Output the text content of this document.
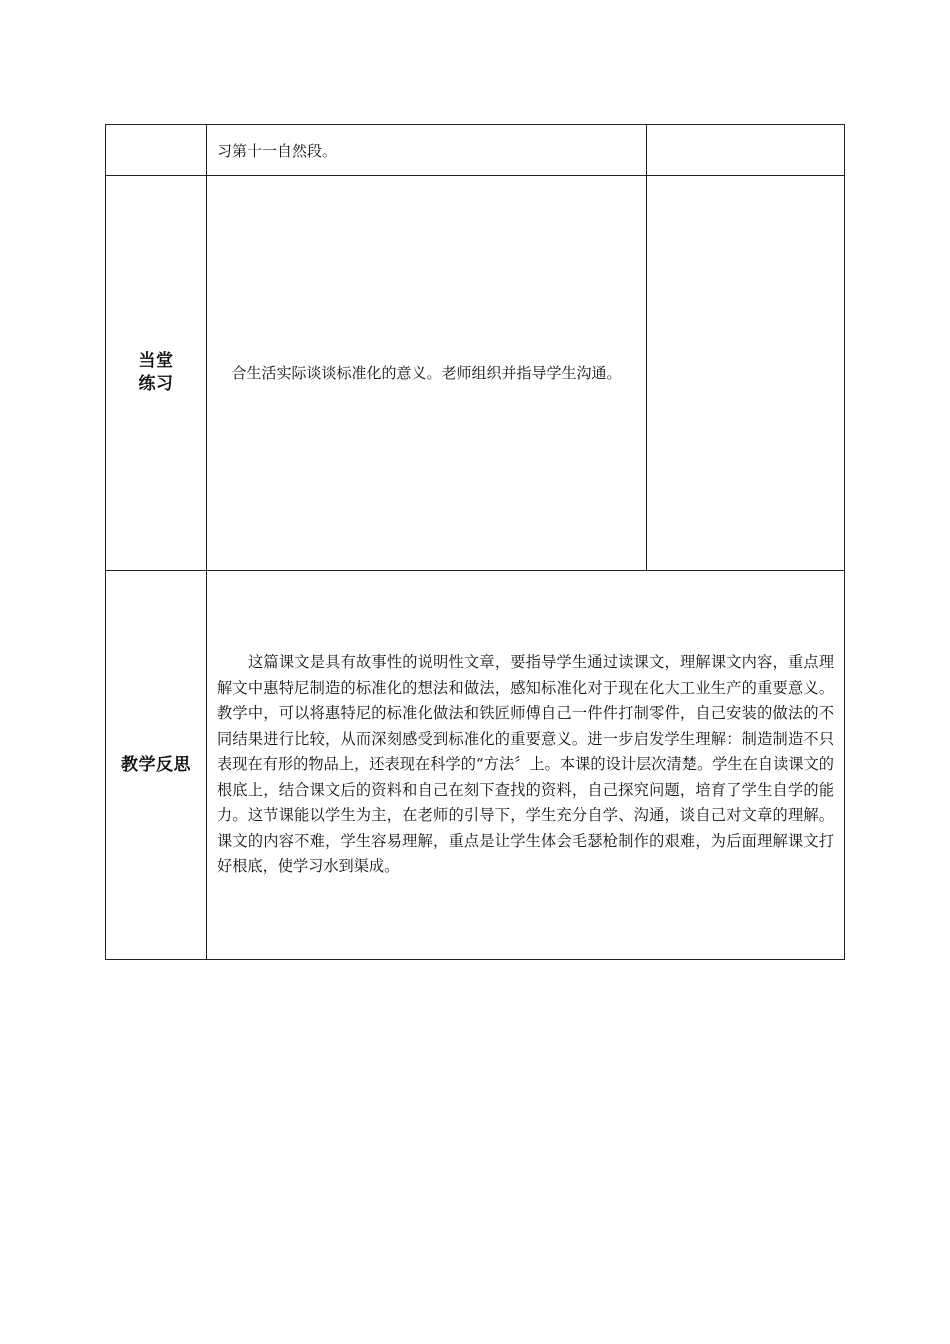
	习第十一自然段。	

当堂
练习	合生活实际谈谈标准化的意义。老师组织并指导学生沟通。	

教学反思	这篇课文是具有故事性的说明性文章，要指导学生通过读课文，理解课文内容，重点理解文中惠特尼制造的标准化的想法和做法，感知标准化对于现在化大工业生产的重要意义。教学中，可以将惠特尼的标准化做法和铁匠师傅自己一件件打制零件，自己安装的做法的不同结果进行比较，从而深刻感受到标准化的重要意义。进一步启发学生理解：制造制造不只表现在有形的物品上，还表现在科学的“方法〞上。本课的设计层次清楚。学生在自读课文的根底上，结合课文后的资料和自己在刻下查找的资料，自己探究问题，培育了学生自学的能力。这节课能以学生为主，在老师的引导下，学生充分自学、沟通，谈自己对文章的理解。课文的内容不难，学生容易理解，重点是让学生体会毛瑟枪制作的艰难，为后面理解课文打好根底，使学习水到渠成。	
